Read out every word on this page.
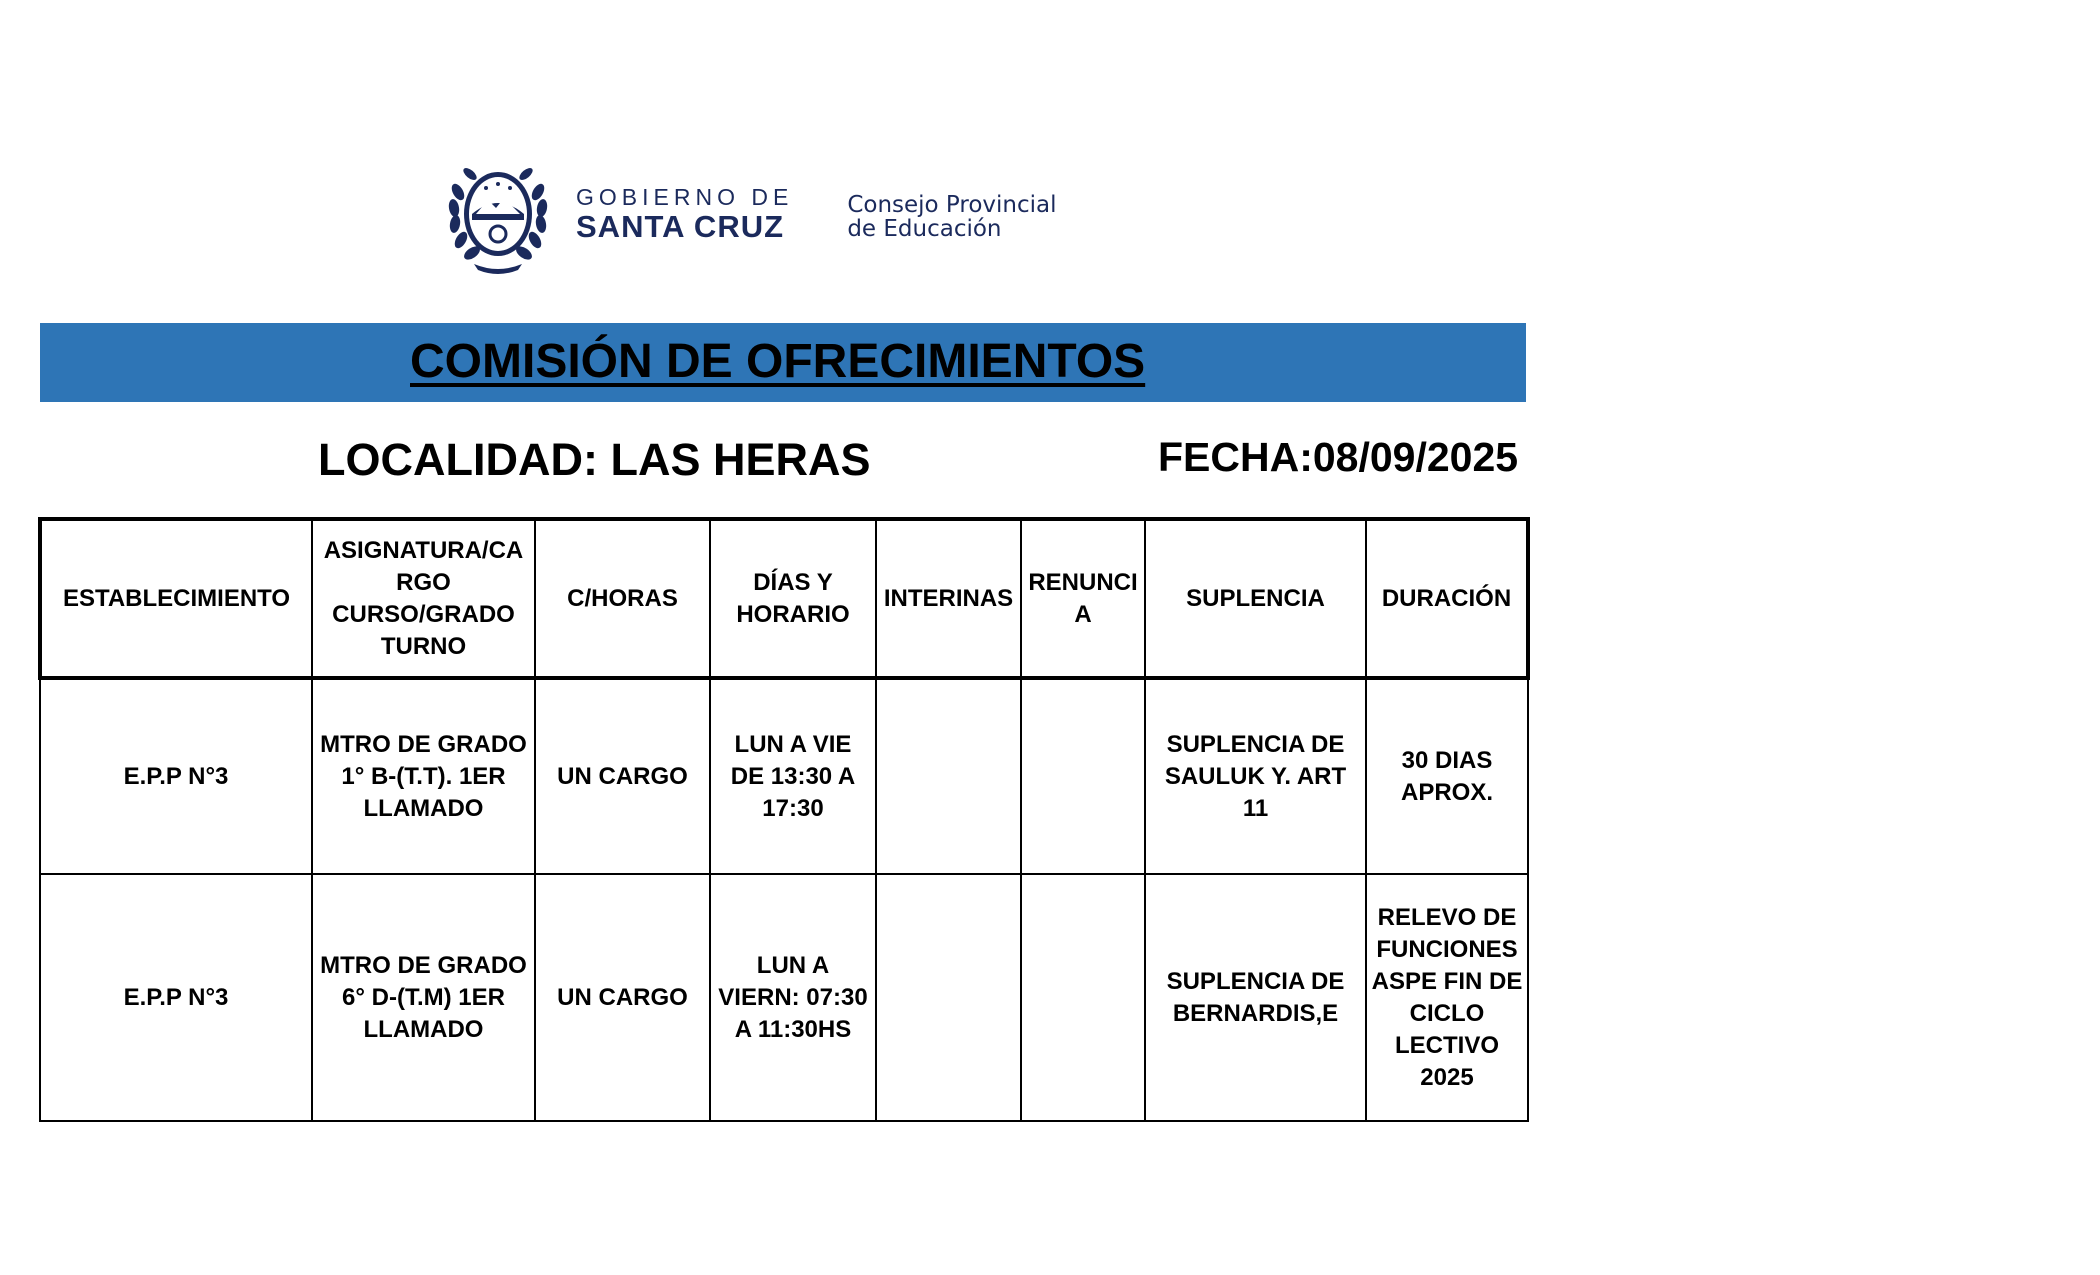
GOBIERNO DE
SANTA CRUZ
Consejo Provincial
de Educación
COMISIÓN DE OFRECIMIENTOS
LOCALIDAD: LAS HERAS	FECHA:08/09/2025
ESTABLECIMIENTO	ASIGNATURA/CARGO CURSO/GRADO TURNO	C/HORAS	DÍAS Y HORARIO	INTERINAS	RENUNCIA	SUPLENCIA	DURACIÓN
E.P.P N°3	MTRO DE GRADO 1° B-(T.T). 1ER LLAMADO	UN CARGO	LUN A VIE DE 13:30 A 17:30			SUPLENCIA DE SAULUK Y. ART 11	30 DIAS APROX.
E.P.P N°3	MTRO DE GRADO 6° D-(T.M) 1ER LLAMADO	UN CARGO	LUN A VIERN: 07:30 A 11:30HS			SUPLENCIA DE BERNARDIS,E	RELEVO DE FUNCIONES ASPE FIN DE CICLO LECTIVO 2025
